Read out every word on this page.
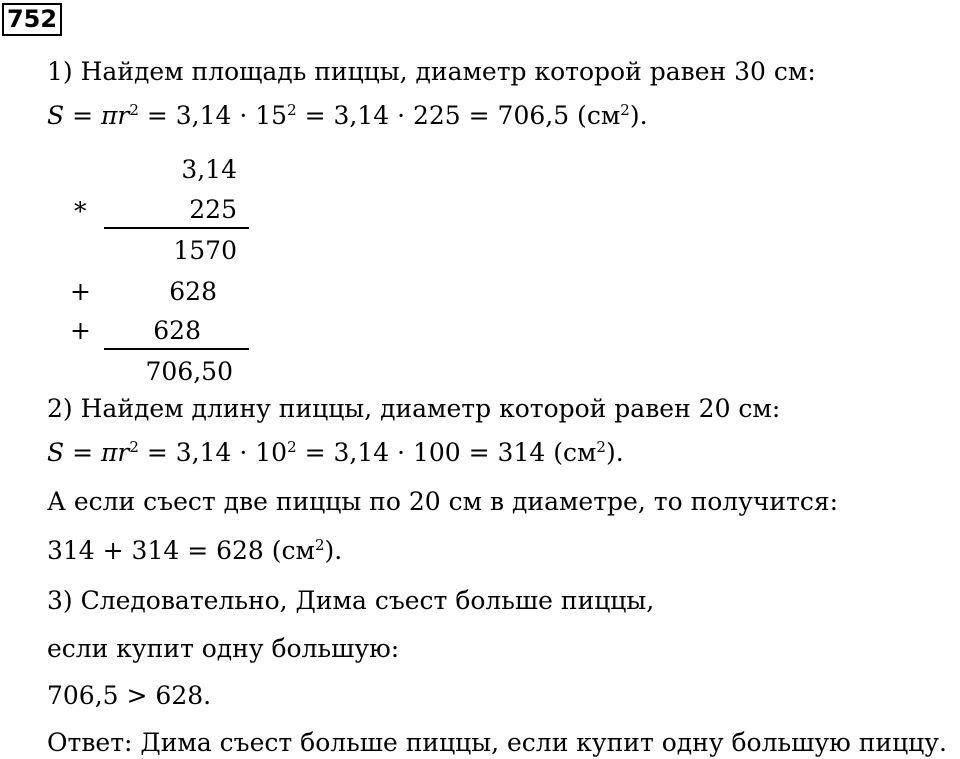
752
1) Найдем площадь пиццы, диаметр которой равен 30 см:
$S = \pi r^2 = 3,14 \cdot 15^2 = 3,14 \cdot 225 = 706,5$ $(см^2)$.
3,14
*	225
1570
+	628
+	628
706,50
2) Найдем длину пиццы, диаметр которой равен 20 см:
$S = \pi r^2 = 3,14 \cdot 10^2 = 3,14 \cdot 100 = 314$ $(см^2)$.
А если съест две пиццы по 20 см в диаметре, то получится:
314 + 314 = 628 $(см^2)$.
3) Следовательно, Дима съест больше пиццы,
если купит одну большую:
706,5 > 628.
Ответ: Дима съест больше пиццы, если купит одну большую пиццу.
